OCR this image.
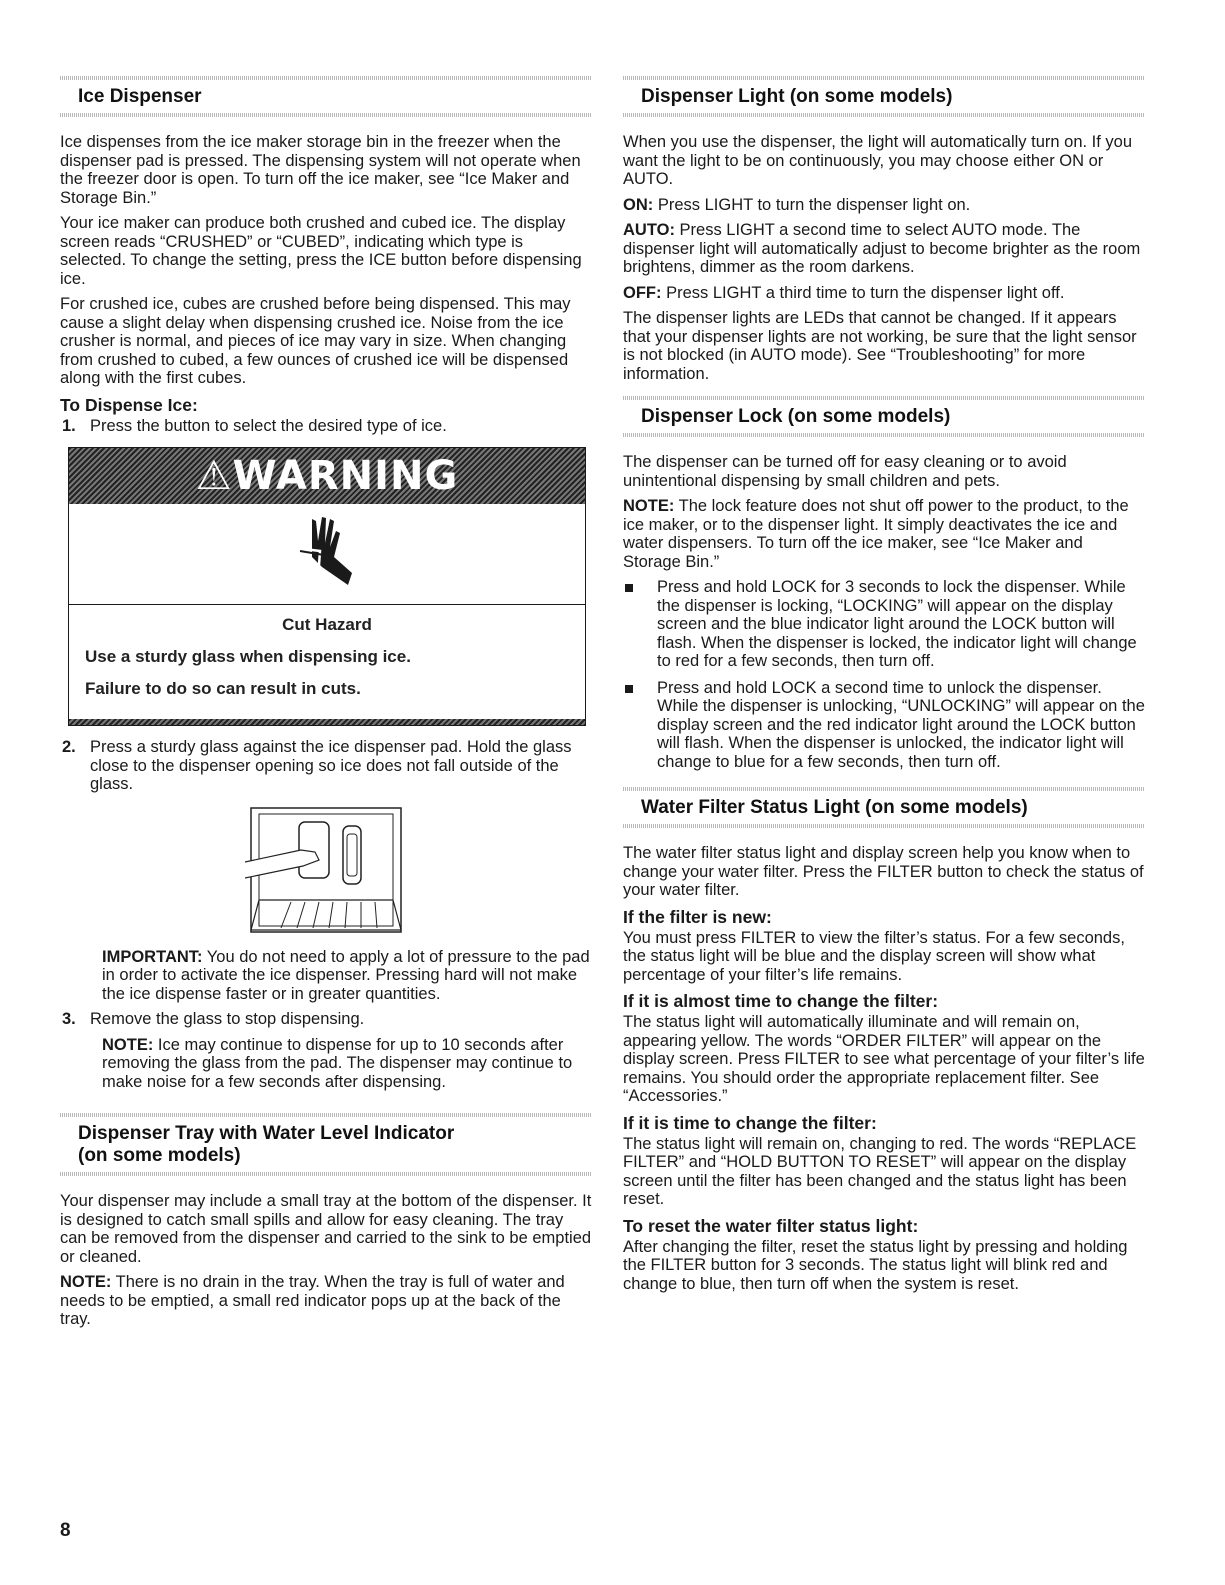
Ice Dispenser

Ice dispenses from the ice maker storage bin in the freezer when the dispenser pad is pressed. The dispensing system will not operate when the freezer door is open. To turn off the ice maker, see “Ice Maker and Storage Bin.”

Your ice maker can produce both crushed and cubed ice. The display screen reads “CRUSHED” or “CUBED”, indicating which type is selected. To change the setting, press the ICE button before dispensing ice.

For crushed ice, cubes are crushed before being dispensed. This may cause a slight delay when dispensing crushed ice. Noise from the ice crusher is normal, and pieces of ice may vary in size. When changing from crushed to cubed, a few ounces of crushed ice will be dispensed along with the first cubes.

To Dispense Ice:
1. Press the button to select the desired type of ice.
⚠WARNING
Cut Hazard
Use a sturdy glass when dispensing ice.
Failure to do so can result in cuts.
2. Press a sturdy glass against the ice dispenser pad. Hold the glass close to the dispenser opening so ice does not fall outside of the glass.

IMPORTANT: You do not need to apply a lot of pressure to the pad in order to activate the ice dispenser. Pressing hard will not make the ice dispense faster or in greater quantities.

3. Remove the glass to stop dispensing.

NOTE: Ice may continue to dispense for up to 10 seconds after removing the glass from the pad. The dispenser may continue to make noise for a few seconds after dispensing.

Dispenser Tray with Water Level Indicator
(on some models)

Your dispenser may include a small tray at the bottom of the dispenser. It is designed to catch small spills and allow for easy cleaning. The tray can be removed from the dispenser and carried to the sink to be emptied or cleaned.

NOTE: There is no drain in the tray. When the tray is full of water and needs to be emptied, a small red indicator pops up at the back of the tray.

Dispenser Light (on some models)

When you use the dispenser, the light will automatically turn on. If you want the light to be on continuously, you may choose either ON or AUTO.

ON: Press LIGHT to turn the dispenser light on.

AUTO: Press LIGHT a second time to select AUTO mode. The dispenser light will automatically adjust to become brighter as the room brightens, dimmer as the room darkens.

OFF: Press LIGHT a third time to turn the dispenser light off.

The dispenser lights are LEDs that cannot be changed. If it appears that your dispenser lights are not working, be sure that the light sensor is not blocked (in AUTO mode). See “Troubleshooting” for more information.

Dispenser Lock (on some models)

The dispenser can be turned off for easy cleaning or to avoid unintentional dispensing by small children and pets.

NOTE: The lock feature does not shut off power to the product, to the ice maker, or to the dispenser light. It simply deactivates the ice and water dispensers. To turn off the ice maker, see “Ice Maker and Storage Bin.”

Press and hold LOCK for 3 seconds to lock the dispenser. While the dispenser is locking, “LOCKING” will appear on the display screen and the blue indicator light around the LOCK button will flash. When the dispenser is locked, the indicator light will change to red for a few seconds, then turn off.
Press and hold LOCK a second time to unlock the dispenser. While the dispenser is unlocking, “UNLOCKING” will appear on the display screen and the red indicator light around the LOCK button will flash. When the dispenser is unlocked, the indicator light will change to blue for a few seconds, then turn off.
Water Filter Status Light (on some models)

The water filter status light and display screen help you know when to change your water filter. Press the FILTER button to check the status of your water filter.

If the filter is new:

You must press FILTER to view the filter’s status. For a few seconds, the status light will be blue and the display screen will show what percentage of your filter’s life remains.

If it is almost time to change the filter:

The status light will automatically illuminate and will remain on, appearing yellow. The words “ORDER FILTER” will appear on the display screen. Press FILTER to see what percentage of your filter’s life remains. You should order the appropriate replacement filter. See “Accessories.”

If it is time to change the filter:

The status light will remain on, changing to red. The words “REPLACE FILTER” and “HOLD BUTTON TO RESET” will appear on the display screen until the filter has been changed and the status light has been reset.

To reset the water filter status light:

After changing the filter, reset the status light by pressing and holding the FILTER button for 3 seconds. The status light will blink red and change to blue, then turn off when the system is reset.

8
